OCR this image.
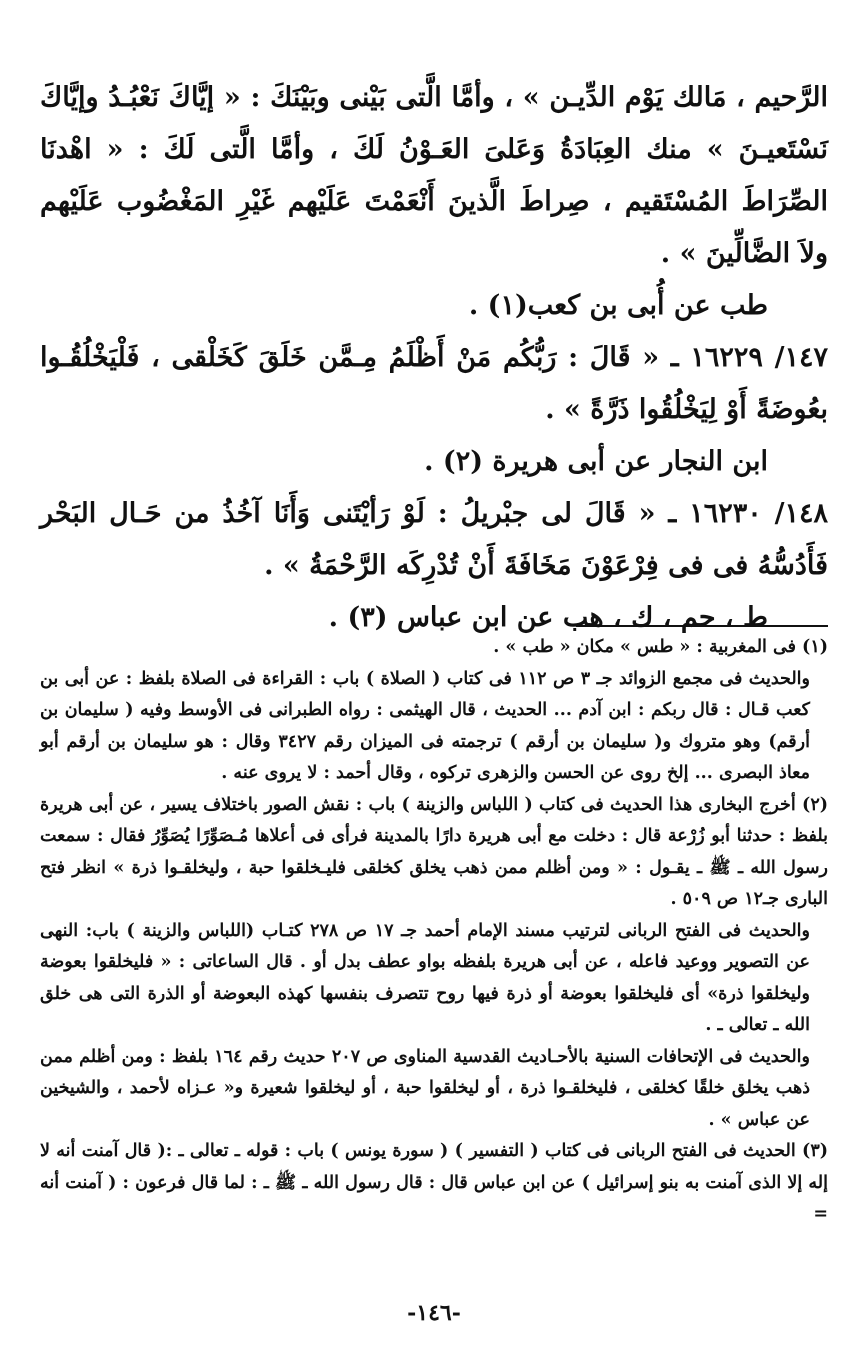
الرَّحيم ، مَالك يَوْم الدِّيـن » ، وأمَّا الَّتى بَيْنى وبَيْنَكَ : « إيَّاكَ نَعْبُـدُ وإيَّاكَ نَسْتَعيـنَ » منك العِبَادَةُ وَعَلىَ العَـوْنُ لَكَ ، وأمَّا الَّتى لَكَ : « اهْدنَا الصِّرَاطَ المُسْتَقيم ، صِراطَ الَّذينَ أَنْعَمْتَ عَلَيْهم غَيْرِ المَغْضُوب عَلَيْهم ولاَ الضَّالِّينَ » .

طب عن أُبى بن كعب(١) .

١٤٧/ ١٦٢٢٩ ـ « قَالَ : رَبُّكُم مَنْ أَظْلَمُ مِـمَّن خَلَقَ كَخَلْقى ، فَلْيَخْلُقُـوا بعُوضَةً أَوْ لِيَخْلُقُوا ذَرَّةً » .

ابن النجار عن أبى هريرة (٢) .

١٤٨/ ١٦٢٣٠ ـ « قَالَ لى جبْريلُ : لَوْ رَأيْتَنى وَأَنَا آخُذُ من حَـال البَحْر فَأَدُسُّهُ فى فى فِرْعَوْنَ مَخَافَةَ أَنْ تُدْرِكَه الرَّحْمَةُ » .

ط ، حم ، ك ، هب عن ابن عباس (٣) .

(١) فى المغربية : « طس » مكان « طب » .

والحديث فى مجمع الزوائد جـ ٣ ص ١١٢ فى كتاب ( الصلاة ) باب : القراءة فى الصلاة بلفظ : عن أبى بن كعب قـال : قال ربكم : ابن آدم ... الحديث ، قال الهيثمى : رواه الطبرانى فى الأوسط وفيه ( سليمان بن أرقم) وهو متروك و( سليمان بن أرقم ) ترجمته فى الميزان رقم ٣٤٢٧ وقال : هو سليمان بن أرقم أبو معاذ البصرى ... إلخ روى عن الحسن والزهرى تركوه ، وقال أحمد : لا يروى عنه .

(٢) أخرج البخارى هذا الحديث فى كتاب ( اللباس والزينة ) باب : نقش الصور باختلاف يسير ، عن أبى هريرة بلفظ : حدثنا أبو زُرْعة قال : دخلت مع أبى هريرة دارًا بالمدينة فرأى فى أعلاها مُـصَوِّرًا يُصَوِّرُ فقال : سمعت رسول الله ـ ﷺ ـ يقـول : « ومن أظلم ممن ذهب يخلق كخلقى فليـخلقوا حبة ، وليخلقـوا ذرة » انظر فتح البارى جـ١٢ ص ٥٠٩ .

والحديث فى الفتح الربانى لترتيب مسند الإمام أحمد جـ ١٧ ص ٢٧٨ كتـاب (اللباس والزينة ) باب: النهى عن التصوير ووعيد فاعله ، عن أبى هريرة بلفظه بواو عطف بدل أو . قال الساعاتى : « فليخلقوا بعوضة وليخلقوا ذرة» أى فليخلقوا بعوضة أو ذرة فيها روح تتصرف بنفسها كهذه البعوضة أو الذرة التى هى خلق الله ـ تعالى ـ .

والحديث فى الإتحافات السنية بالأحـاديث القدسية المناوى ص ٢٠٧ حديث رقم ١٦٤ بلفظ : ومن أظلم ممن ذهب يخلق خلقًا كخلقى ، فليخلقـوا ذرة ، أو ليخلقوا حبة ، أو ليخلقوا شعيرة و« عـزاه لأحمد ، والشيخين عن عباس » .

(٣) الحديث فى الفتح الربانى فى كتاب ( التفسير ) ( سورة يونس ) باب : قوله ـ تعالى ـ :( قال آمنت أنه لا إله إلا الذى آمنت به بنو إسرائيل ) عن ابن عباس قال : قال رسول الله ـ ﷺ ـ : لما قال فرعون : ( آمنت أنه =

-١٤٦-
